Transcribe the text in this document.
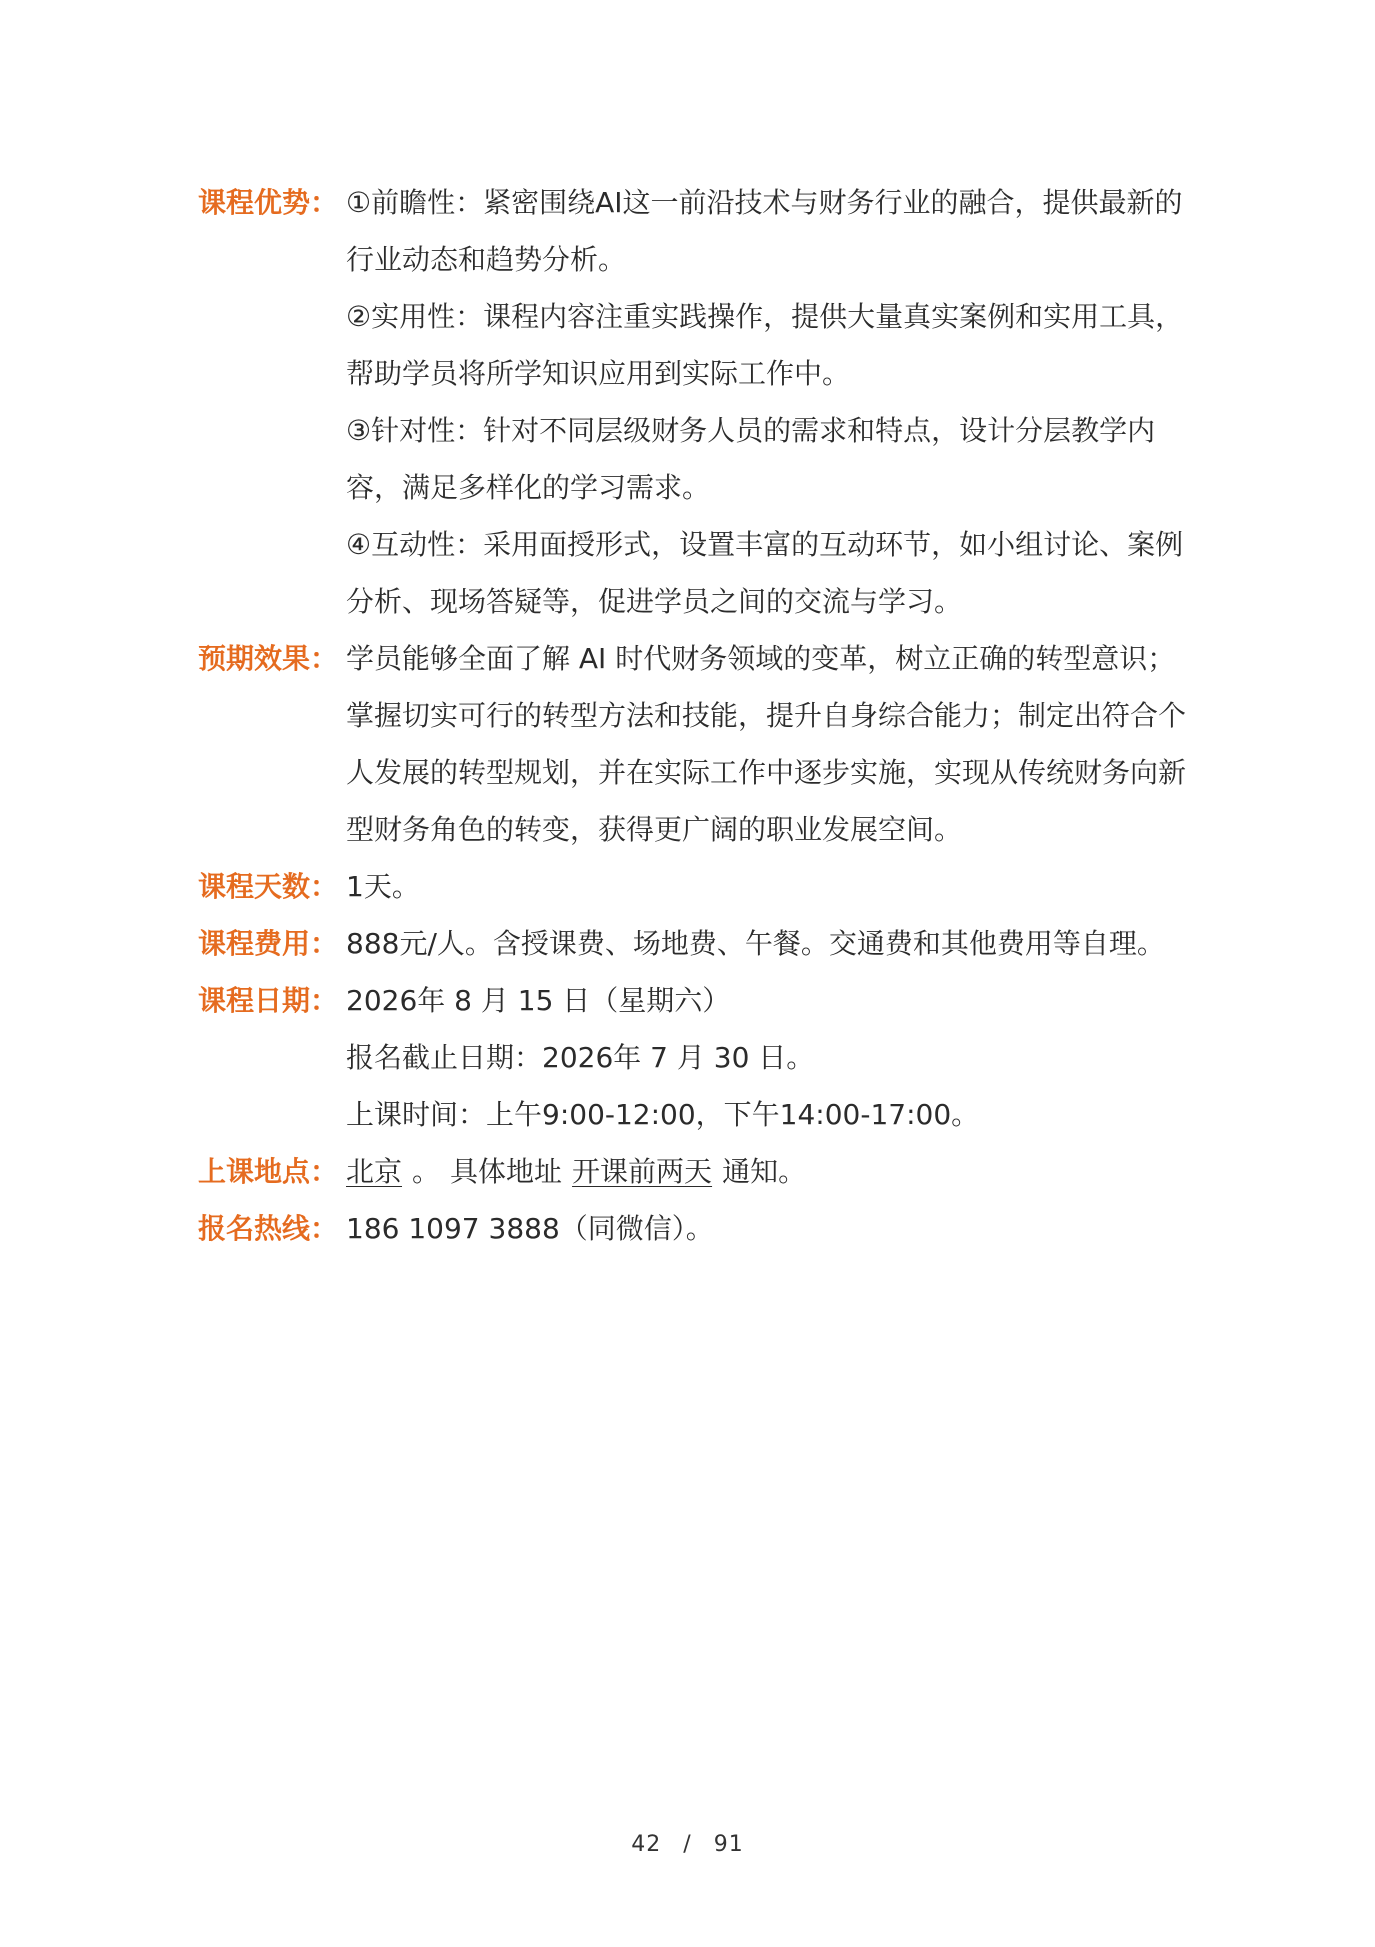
课程优势： ①前瞻性：紧密围绕AI这一前沿技术与财务行业的融合，提供最新的行业动态和趋势分析。

②实用性：课程内容注重实践操作，提供大量真实案例和实用工具，帮助学员将所学知识应用到实际工作中。

③针对性：针对不同层级财务人员的需求和特点，设计分层教学内容，满足多样化的学习需求。

④互动性：采用面授形式，设置丰富的互动环节，如小组讨论、案例分析、现场答疑等，促进学员之间的交流与学习。

预期效果： 学员能够全面了解 AI 时代财务领域的变革，树立正确的转型意识；掌握切实可行的转型方法和技能，提升自身综合能力；制定出符合个人发展的转型规划，并在实际工作中逐步实施，实现从传统财务向新型财务角色的转变，获得更广阔的职业发展空间。
课程天数： 1天。
课程费用： 888元/人。含授课费、场地费、午餐。交通费和其他费用等自理。
课程日期： 2026年 8 月 15 日（星期六）

报名截止日期：2026年 7 月 30 日。

上课时间：上午9:00-12:00，下午14:00-17:00。

上课地点： 北京 。 具体地址 开课前两天 通知。
报名热线： 186 1097 3888（同微信）。
42 / 91
